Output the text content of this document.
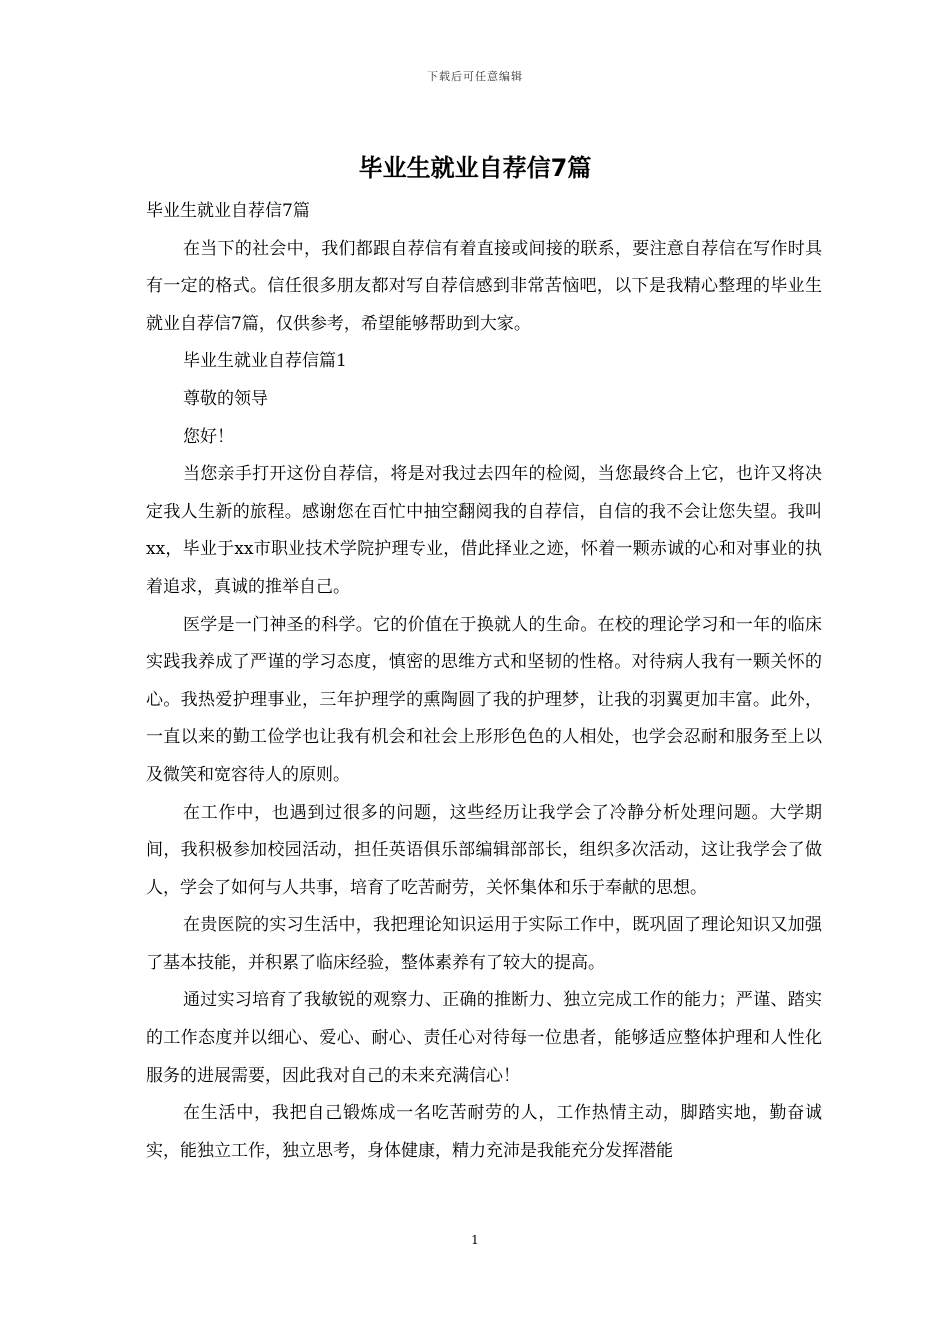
下载后可任意编辑
毕业生就业自荐信7篇

毕业生就业自荐信7篇

在当下的社会中，我们都跟自荐信有着直接或间接的联系，要注意自荐信在写作时具有一定的格式。信任很多朋友都对写自荐信感到非常苦恼吧，以下是我精心整理的毕业生就业自荐信7篇，仅供参考，希望能够帮助到大家。

毕业生就业自荐信篇1

尊敬的领导

您好！

当您亲手打开这份自荐信，将是对我过去四年的检阅，当您最终合上它，也许又将决定我人生新的旅程。感谢您在百忙中抽空翻阅我的自荐信，自信的我不会让您失望。我叫xx，毕业于xx市职业技术学院护理专业，借此择业之迹，怀着一颗赤诚的心和对事业的执着追求，真诚的推举自己。

医学是一门神圣的科学。它的价值在于换就人的生命。在校的理论学习和一年的临床实践我养成了严谨的学习态度，慎密的思维方式和坚韧的性格。对待病人我有一颗关怀的心。我热爱护理事业，三年护理学的熏陶圆了我的护理梦，让我的羽翼更加丰富。此外，一直以来的勤工俭学也让我有机会和社会上形形色色的人相处，也学会忍耐和服务至上以及微笑和宽容待人的原则。

在工作中，也遇到过很多的问题，这些经历让我学会了冷静分析处理问题。大学期间，我积极参加校园活动，担任英语俱乐部编辑部部长，组织多次活动，这让我学会了做人，学会了如何与人共事，培育了吃苦耐劳，关怀集体和乐于奉献的思想。

在贵医院的实习生活中，我把理论知识运用于实际工作中，既巩固了理论知识又加强了基本技能，并积累了临床经验，整体素养有了较大的提高。

通过实习培育了我敏锐的观察力、正确的推断力、独立完成工作的能力；严谨、踏实的工作态度并以细心、爱心、耐心、责任心对待每一位患者，能够适应整体护理和人性化服务的进展需要，因此我对自己的未来充满信心！

在生活中，我把自己锻炼成一名吃苦耐劳的人，工作热情主动，脚踏实地，勤奋诚实，能独立工作，独立思考，身体健康，精力充沛是我能充分发挥潜能

1
